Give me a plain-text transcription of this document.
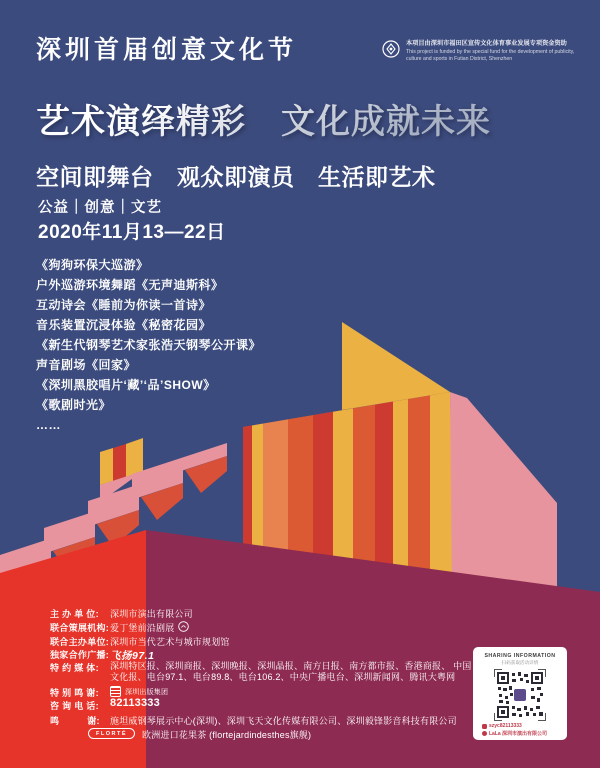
深圳首届创意文化节	本项目由深圳市福田区宣传文化体育事业发展专项资金资助
This project is funded by the special fund for the development of publicity,
culture and sports in Futian District, Shenzhen
艺术演绎精彩　文化成就未来
空间即舞台　观众即演员　生活即艺术
公益｜创意｜文艺
2020年11月13—22日
《狗狗环保大巡游》
户外巡游环境舞蹈《无声迪斯科》
互动诗会《睡前为你读一首诗》
音乐装置沉浸体验《秘密花园》
《新生代钢琴艺术家张浩天钢琴公开课》
声音剧场《回家》
《深圳黑胶唱片‘藏’‘品’SHOW》
《歌剧时光》
……
主 办 单 位:	深圳市演出有限公司
联合策展机构: 爱丁堡前沿剧展
联合主办单位: 深圳市当代艺术与城市规划馆
独家合作广播: 飞扬97.1
特 约 媒 体:	深圳特区报、深圳商报、深圳晚报、深圳晶报、南方日报、南方都市报、香港商报、 中国文化报、电台97.1、电台89.8、电台106.2、中央广播电台、深圳新闻网、腾讯大粤网
特 别 鸣 谢:	深圳出版集团
咨 询 电 话:	82113333
鸣　　　谢:	施坦威钢琴展示中心(深圳)、深圳飞天文化传媒有限公司、深圳毅锋影音科技有限公司
FLORTÉ	欧洲进口花果茶 (flortejardindesthes旗舰)
SHARING INFORMATION
扫码获取活动详情
szyc82113333
LaLa 深圳市演出有限公司
